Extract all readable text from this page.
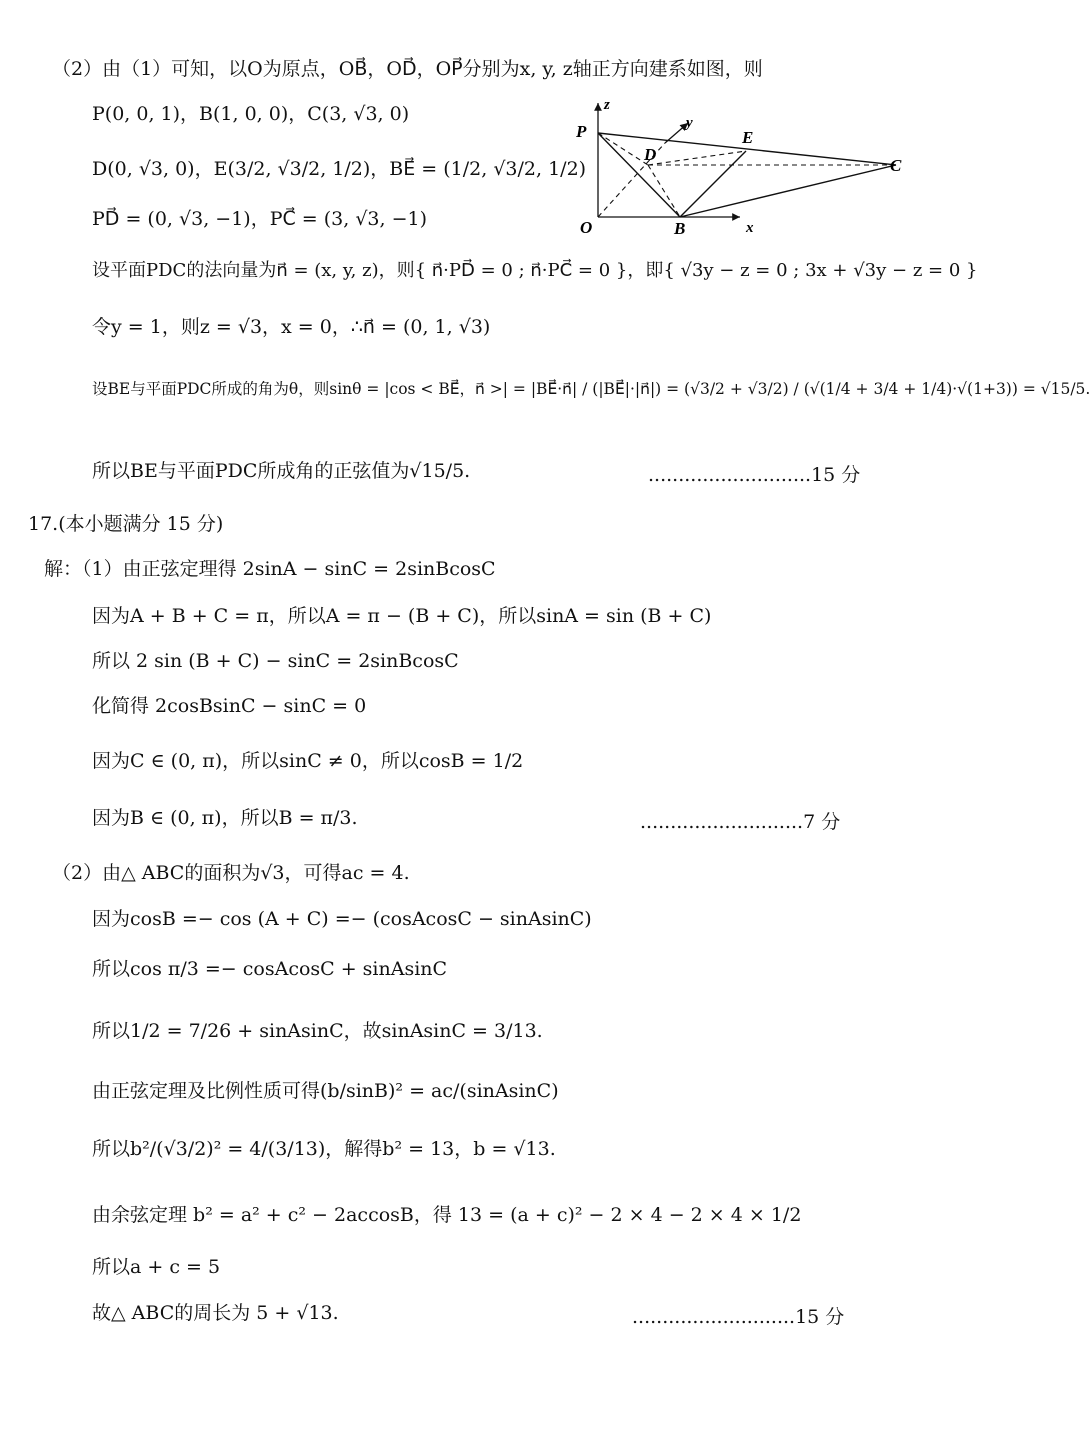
（2）由（1）可知，以O为原点，OB⃗，OD⃗，OP⃗分别为x, y, z轴正方向建系如图，则
P(0, 0, 1)，B(1, 0, 0)，C(3, √3, 0)
D(0, √3, 0)，E(3/2, √3/2, 1/2)，BE⃗ = (1/2, √3/2, 1/2)
PD⃗ = (0, √3, −1)，PC⃗ = (3, √3, −1)
z
P	y
E
D
C
O	B	x
设平面PDC的法向量为n⃗ = (x, y, z)，则{ n⃗·PD⃗ = 0 ; n⃗·PC⃗ = 0 }，即{ √3y − z = 0 ; 3x + √3y − z = 0 }
令y = 1，则z = √3，x = 0，∴n⃗ = (0, 1, √3)
设BE与平面PDC所成的角为θ，则sinθ = |cos < BE⃗，n⃗ >| = |BE⃗·n⃗| / (|BE⃗|·|n⃗|) = (√3/2 + √3/2) / (√(1/4 + 3/4 + 1/4)·√(1+3)) = √15/5.
所以BE与平面PDC所成角的正弦值为√15/5.	...........................15 分
17.(本小题满分 15 分)
解：（1）由正弦定理得 2sinA − sinC = 2sinBcosC
因为A + B + C = π，所以A = π − (B + C)，所以sinA = sin (B + C)
所以 2 sin (B + C) − sinC = 2sinBcosC
化简得 2cosBsinC − sinC = 0
因为C ∈ (0, π)，所以sinC ≠ 0，所以cosB = 1/2
因为B ∈ (0, π)，所以B = π/3.	...........................7 分
（2）由△ ABC的面积为√3，可得ac = 4.
因为cosB =− cos (A + C) =− (cosAcosC − sinAsinC)
所以cos π/3 =− cosAcosC + sinAsinC
所以1/2 = 7/26 + sinAsinC，故sinAsinC = 3/13.
由正弦定理及比例性质可得(b/sinB)² = ac/(sinAsinC)
所以b²/(√3/2)² = 4/(3/13)，解得b² = 13，b = √13.
由余弦定理 b² = a² + c² − 2accosB，得 13 = (a + c)² − 2 × 4 − 2 × 4 × 1/2
所以a + c = 5
故△ ABC的周长为 5 + √13.	...........................15 分
